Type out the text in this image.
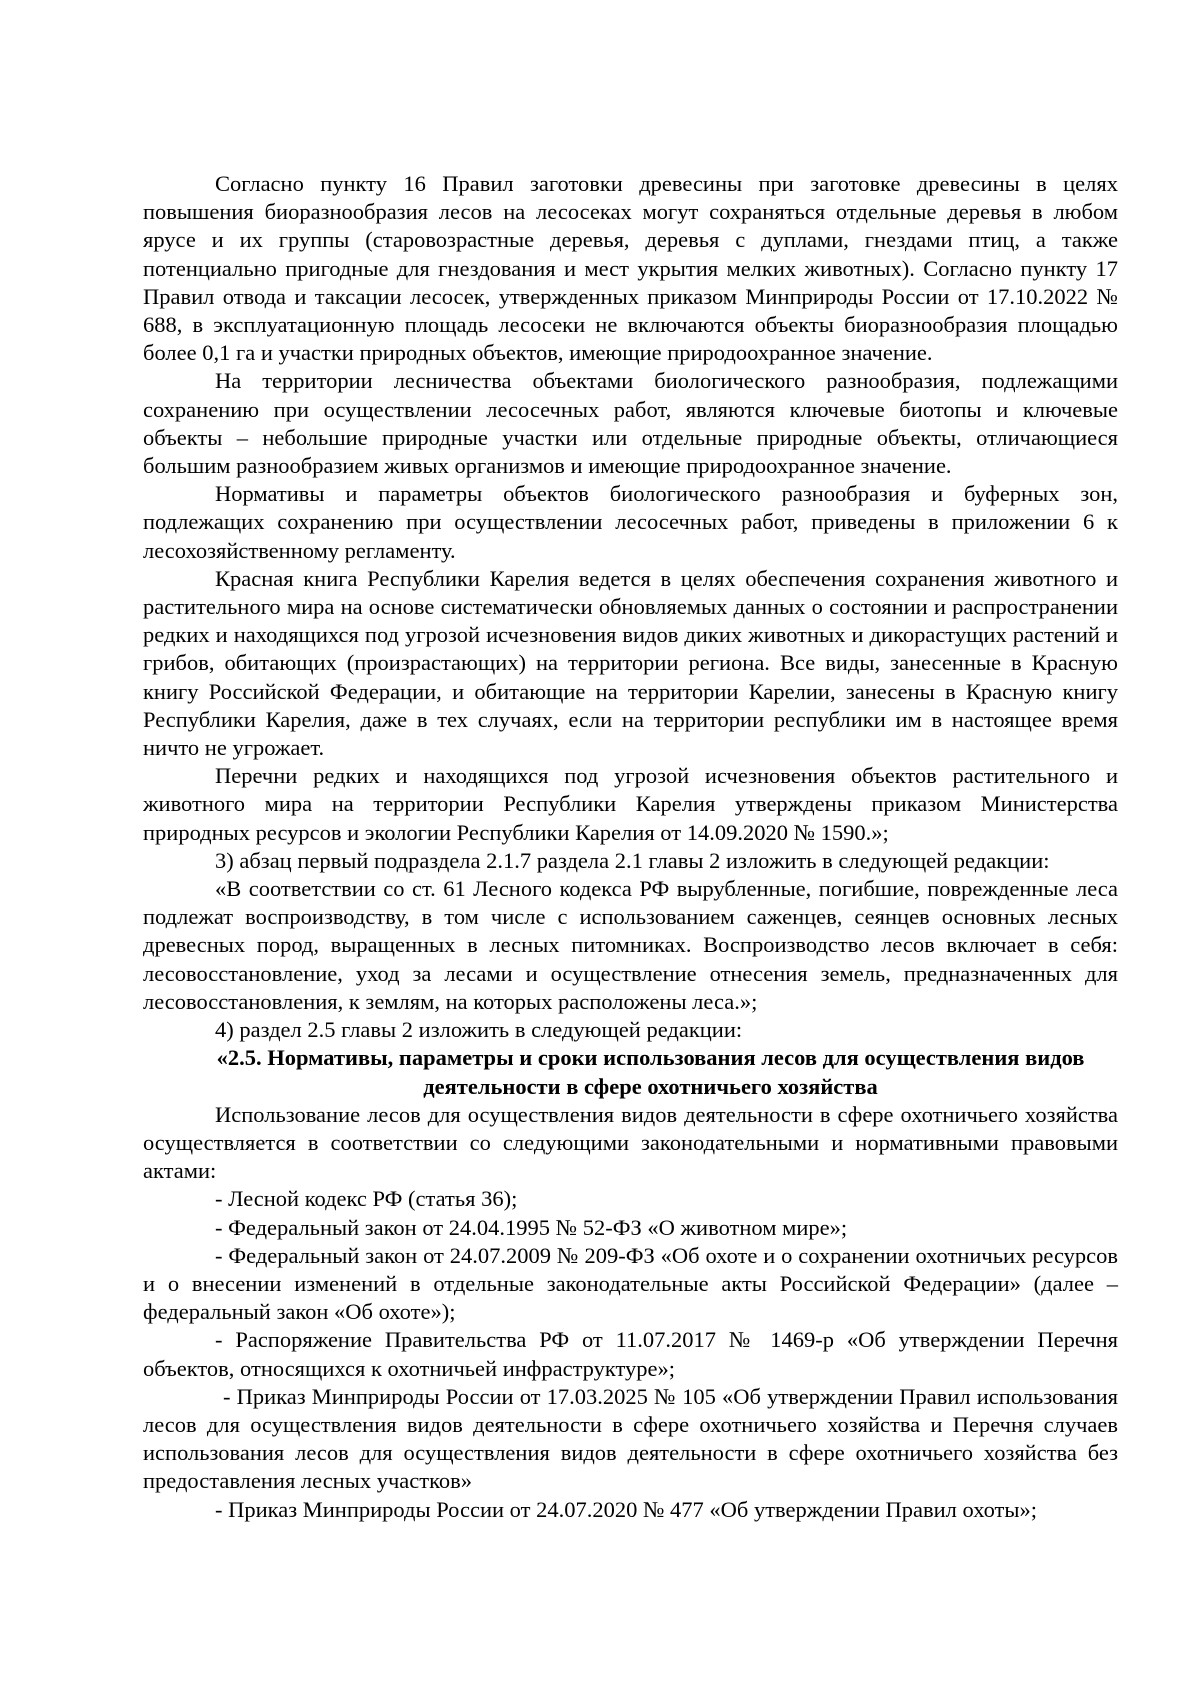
Согласно пункту 16 Правил заготовки древесины при заготовке древесины в целях повышения биоразнообразия лесов на лесосеках могут сохраняться отдельные деревья в любом ярусе и их группы (старовозрастные деревья, деревья с дуплами, гнездами птиц, а также потенциально пригодные для гнездования и мест укрытия мелких животных). Согласно пункту 17 Правил отвода и таксации лесосек, утвержденных приказом Минприроды России от 17.10.2022 № 688, в эксплуатационную площадь лесосеки не включаются объекты биоразнообразия площадью более 0,1 га и участки природных объектов, имеющие природоохранное значение.

На территории лесничества объектами биологического разнообразия, подлежащими сохранению при осуществлении лесосечных работ, являются ключевые биотопы и ключевые объекты – небольшие природные участки или отдельные природные объекты, отличающиеся большим разнообразием живых организмов и имеющие природоохранное значение.

Нормативы и параметры объектов биологического разнообразия и буферных зон, подлежащих сохранению при осуществлении лесосечных работ, приведены в приложении 6 к лесохозяйственному регламенту.

Красная книга Республики Карелия ведется в целях обеспечения сохранения животного и растительного мира на основе систематически обновляемых данных о состоянии и распространении редких и находящихся под угрозой исчезновения видов диких животных и дикорастущих растений и грибов, обитающих (произрастающих) на территории региона. Все виды, занесенные в Красную книгу Российской Федерации, и обитающие на территории Карелии, занесены в Красную книгу Республики Карелия, даже в тех случаях, если на территории республики им в настоящее время ничто не угрожает.

Перечни редких и находящихся под угрозой исчезновения объектов растительного и животного мира на территории Республики Карелия утверждены приказом Министерства природных ресурсов и экологии Республики Карелия от 14.09.2020 № 1590.»;

3) абзац первый подраздела 2.1.7 раздела 2.1 главы 2 изложить в следующей редакции:

«В соответствии со ст. 61 Лесного кодекса РФ вырубленные, погибшие, поврежденные леса подлежат воспроизводству, в том числе с использованием саженцев, сеянцев основных лесных древесных пород, выращенных в лесных питомниках. Воспроизводство лесов включает в себя: лесовосстановление, уход за лесами и осуществление отнесения земель, предназначенных для лесовосстановления, к землям, на которых расположены леса.»;

4) раздел 2.5 главы 2 изложить в следующей редакции:

«2.5. Нормативы, параметры и сроки использования лесов для осуществления видов деятельности в сфере охотничьего хозяйства

Использование лесов для осуществления видов деятельности в сфере охотничьего хозяйства осуществляется в соответствии со следующими законодательными и нормативными правовыми актами:

- Лесной кодекс РФ (статья 36);

- Федеральный закон от 24.04.1995 № 52-ФЗ «О животном мире»;

- Федеральный закон от 24.07.2009 № 209-ФЗ «Об охоте и о сохранении охотничьих ресурсов и о внесении изменений в отдельные законодательные акты Российской Федерации» (далее – федеральный закон «Об охоте»);

- Распоряжение Правительства РФ от 11.07.2017 № 1469-р «Об утверждении Перечня объектов, относящихся к охотничьей инфраструктуре»;

- Приказ Минприроды России от 17.03.2025 № 105 «Об утверждении Правил использования лесов для осуществления видов деятельности в сфере охотничьего хозяйства и Перечня случаев использования лесов для осуществления видов деятельности в сфере охотничьего хозяйства без предоставления лесных участков»

- Приказ Минприроды России от 24.07.2020 № 477 «Об утверждении Правил охоты»;
